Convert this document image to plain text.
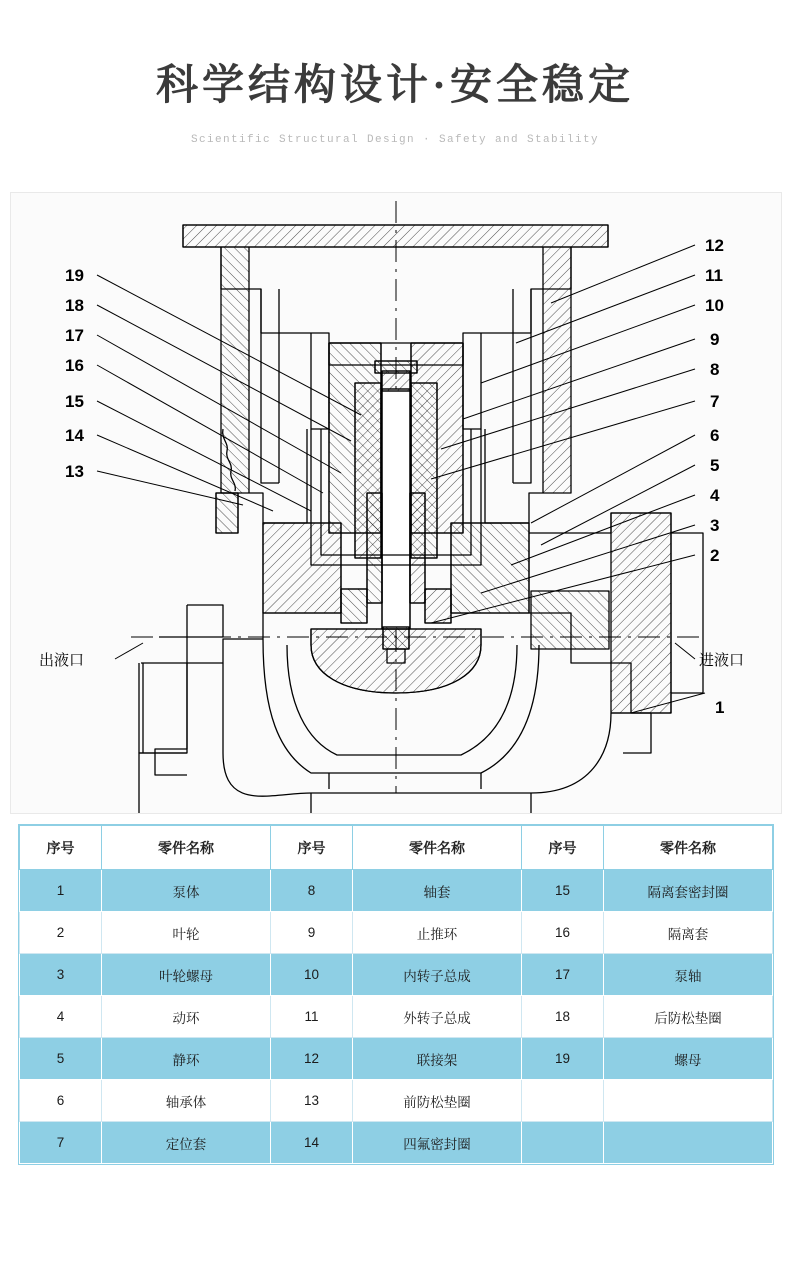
科学结构设计·安全稳定
Scientific Structural Design · Safety and Stability
19
18
17
16
15
14
13
12
11
10
9
8
7
6
5
4
3
2
1
出液口	进液口
序号	零件名称	序号	零件名称	序号	零件名称
1	泵体	8	轴套	15	隔离套密封圈
2	叶轮	9	止推环	16	隔离套
3	叶轮螺母	10	内转子总成	17	泵轴
4	动环	11	外转子总成	18	后防松垫圈
5	静环	12	联接架	19	螺母
6	轴承体	13	前防松垫圈		
7	定位套	14	四氟密封圈		
